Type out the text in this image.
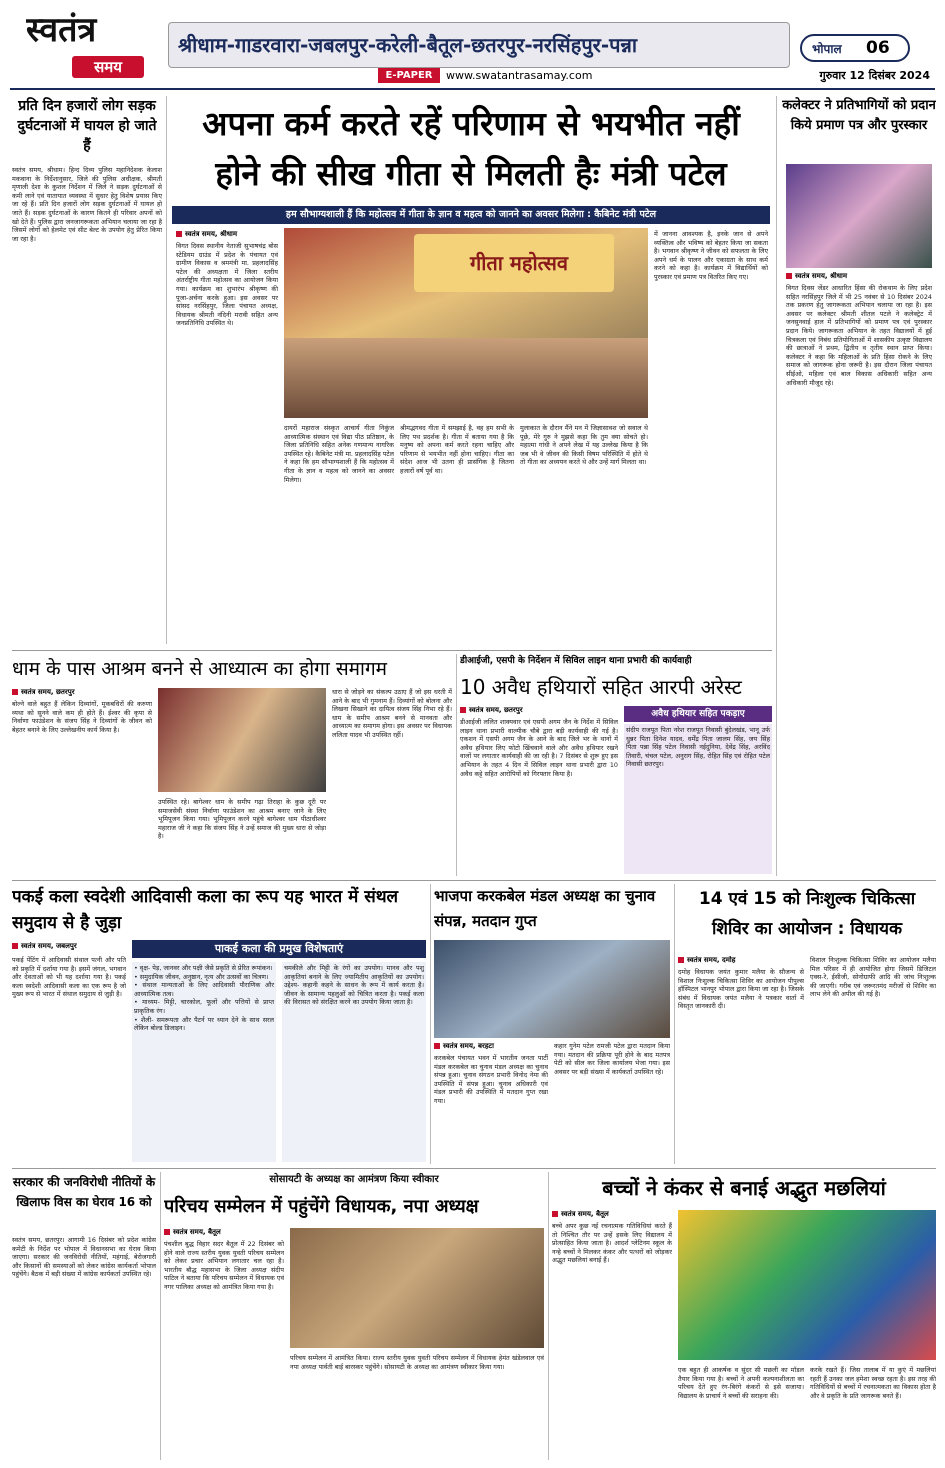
स्वतंत्र
समय
श्रीधाम-गाडरवारा-जबलपुर-करेली-बैतूल-छतरपुर-नरसिंहपुर-पन्ना	भोपाल	06
E-PAPER	www.swatantrasamay.com	गुरुवार 12 दिसंबर 2024
प्रति दिन हजारों लोग सड़क दुर्घटनाओं में घायल हो जाते हैं
स्वतंत्र समय, श्रीधाम। हिन्द दिव्य पुलिस महानिदेशक केलाश मकवाना के निर्देशानुसार, जिले की पुलिस अधीक्षक, श्रीमती मृणाली देशा के कुशल निर्देशन में जिले ने सड़क दुर्घटनाओं से कमी लाने एवं यातायात व्यवस्था में सुधार हेतु विशेष प्रयास किए जा रहे हैं। प्रति दिन हजारों लोग सड़क दुर्घटनाओं में घायल हो जाते हैं। सड़क दुर्घटनाओं के कारण कितने ही परिवार अपनों को खो देते हैं। पुलिस द्वारा जनजागरूकता अभियान चलाया जा रहा है जिसमें लोगों को हेलमेट एवं सीट बेल्ट के उपयोग हेतु प्रेरित किया जा रहा है।
अपना कर्म करते रहें परिणाम से भयभीत नहीं
होने की सीख गीता से मिलती हैः मंत्री पटेल
हम सौभाग्यशाली हैं कि महोत्सव में गीता के ज्ञान व महत्व को जानने का अवसर मिलेगा : कैबिनेट मंत्री पटेल
स्वतंत्र समय, श्रीधाम
विगत दिवस स्थानीय नेताजी सुभाषचंद्र बोस स्टेडियम ग्राउंड में प्रदेश के पंचायत एवं ग्रामीण विकास व श्रममंत्री मा. प्रहलादसिंह पटेल की अध्यक्षता में जिला स्तरीय अंतर्राष्ट्रीय गीता महोत्सव का आयोजन किया गया। कार्यक्रम का शुभारंभ श्रीकृष्ण की पूजा-अर्चना करके हुआ। इस अवसर पर सांसद नरसिंहपुर, जिला पंचायत अध्यक्ष, विधायक श्रीमती नंदिनी मरावी सहित अन्य जनप्रतिनिधि उपस्थित थे।
गीता महोत्सव
दायरों महाराज संस्कृत आचार्य गीता निकुंज आध्यात्मिक संस्थान एवं विद्या पीठ प्रतिष्ठान, के जिला प्रतिनिधि सहित अनेक गणमान्य नागरिक उपस्थित रहे। कैबिनेट मंत्री मा. प्रहलादसिंह पटेल ने कहा कि हम सौभाग्यशाली हैं कि महोत्सव में गीता के ज्ञान व महत्व को जानने का अवसर मिलेगा।
श्रीमद्भगवद गीता में समझाई है, वह हम सभी के लिए पथ प्रदर्शक है। गीता में बताया गया है कि मनुष्य को अपना कर्म करते रहना चाहिए और परिणाम से भयभीत नहीं होना चाहिए। गीता का संदेश आज भी उतना ही प्रासंगिक है जितना हजारों वर्ष पूर्व था।
मुलाकात के दौरान मैंने मन में जिज्ञासावश जो सवाल थे पूछे, मेरे गुरु ने मुझसे कहा कि तुम क्या सोचते हो। महात्मा गांधी ने अपने लेख में यह उल्लेख किया है कि जब भी वे जीवन की किसी विषम परिस्थिति में होते थे तो गीता का अध्ययन करते थे और उन्हें मार्ग मिलता था।
में जानना आवश्यक है, इनके जान से अपने व्यक्तित्व और भविष्य को बेहतर किया जा सकता है। भगवान श्रीकृष्ण ने जीवन को सफलता के लिए अपने धर्म के पालन और एकाग्रता के साथ कर्म करने को कहा है। कार्यक्रम में विद्यार्थियों को पुरस्कार एवं प्रमाण पत्र वितरित किए गए।
कलेक्टर ने प्रतिभागियों को प्रदान किये प्रमाण पत्र और पुरस्कार
स्वतंत्र समय, श्रीधाम
विगत दिवस जेंडर आधारित हिंसा की रोकथाम के लिए प्रदेश सहित नरसिंहपुर जिले में भी 25 नवंबर से 10 दिसंबर 2024 तक प्रकरण हेतु जागरूकता अभियान चलाया जा रहा है। इस अवसर पर कलेक्टर श्रीमती शीतल पटले ने कलेक्ट्रेट में जनसुनवाई हाल में प्रतिभागियों को प्रमाण पत्र एवं पुरस्कार प्रदान किये। जागरूकता अभियान के तहत विद्यालयों में हुई चित्रकला एवं निबंध प्रतियोगिताओं में शासकीय उत्कृष्ट विद्यालय की छात्राओं ने प्रथम, द्वितीय व तृतीय स्थान प्राप्त किया। कलेक्टर ने कहा कि महिलाओं के प्रति हिंसा रोकने के लिए समाज को जागरूक होना जरूरी है। इस दौरान जिला पंचायत सीईओ, महिला एवं बाल विकास अधिकारी सहित अन्य अधिकारी मौजूद रहे।
धाम के पास आश्रम बनने से आध्यात्म का होगा समागम
स्वतंत्र समय, छतरपुर
बोल्ने वाले बहुत हैं लेकिन दिव्यांगों, मूकबधिरों की करुणा व्यथा को सुनने वाले कम ही होते हैं। ईश्वर की कृपा से निर्वाणा फाउंडेशन के संजय सिंह ने दिव्यांगों के जीवन को बेहतर बनाने के लिए उल्लेखनीय कार्य किया है।
उपस्थित रहे। बागेश्वर धाम के समीप गढ़ा तिराहा के कुछ दूरी पर समाजसेवी संस्था निर्वाणा फाउंडेशन का आश्रम बनाए जाने के लिए भूमिपूजन किया गया। भूमिपूजन करने पहुंचे बागेश्वर धाम पीठाधीश्वर महाराज जी ने कहा कि संजय सिंह ने उन्हें समाज की मुख्य धारा से जोड़ा है।
धारा से जोड़ने का संकल्प उठाए हैं जो इस धरती में आने के बाद भी गुमनाम हैं। दिव्यांगों को बोलना और लिखना सिखाने का दायित्व संजय सिंह निभा रहे हैं। धाम के समीप आश्रम बनने से मानवता और आध्यात्म का समागम होगा। इस अवसर पर विधायक ललिता यादव भी उपस्थित रहीं।
डीआईजी, एसपी के निर्देशन में सिविल लाइन थाना प्रभारी की कार्यवाही
10 अवैध हथियारों सहित आरपी अरेस्ट
स्वतंत्र समय, छतरपुर
डीआईजी ललित शाक्यवार एवं एसपी अगम जैन के निर्देश में सिविल लाइन थाना प्रभारी वाल्मीक चौबे द्वारा बड़ी कार्यवाही की गई है। एकशन में एसपी अगम जैन के आने के बाद जिले भर के थानों में अवैध हथियार लिए फोटो खिंचवाने वाले और अवैध हथियार रखने वालों पर लगातार कार्यवाही की जा रही है। 7 दिसंबर से शुरू हुए इस अभियान के तहत 4 दिन में सिविल लाइन थाना प्रभारी द्वारा 10 अवैध कट्टे सहित आरोपियों को गिरफ्तार किया है।
अवैध हथियार सहित पकड़ाए
संदीप राजपूत पिता नरेश राजपूत निवासी बुंदेलखंड, भानू उर्फ धुन्नर पिता दिनेश यादव, धर्मेंद्र पिता जालम सिंह, जय सिंह पिता पन्ना सिंह पटेल निवासी नईदुनिया, देवेंद्र सिंह, अरविंद तिवारी, चंचल पटेल, अनुराग सिंह, रोहित सिंह एवं रोहित पटेल निवासी छतरपुर।
पकई कला स्वदेशी आदिवासी कला का रूप यह भारत में संथल समुदाय से है जुड़ा
स्वतंत्र समय, जबलपुर	पाकई कला की प्रमुख विशेषताएं
पकई पेंटिंग में आदिवासी संथाल पत्नी और पति को प्रकृति में दर्शाया गया है। इसमें जंगल, भगवान और देवताओं को भी यह दर्शाया गया है। पकई कला स्वदेशी आदिवासी कला का एक रूप है जो मुख्य रूप से भारत में संथाल समुदाय से जुड़ी है।

• वृक्ष- पेड़, जानवर और पक्षी जैसे प्रकृति से प्रेरित रूपांकन।

• समुदायिक जीवन, अनुष्ठान, नृत्य और उत्सवों का चित्रण।

• संथाल मान्यताओं के लिए आदिवासी पौराणिक और आध्यात्मिक तत्व।

• माध्यम- मिट्टी, चारकोल, फूलों और पत्तियों से प्राप्त प्राकृतिक रंग।

• शैली- समरूपता और पैटर्न पर ध्यान देने के साथ सरल लेकिन बोल्ड डिजाइन।

चमकीले और मिट्टी के रंगों का उपयोग। मानव और पशु आकृतियां बनाने के लिए ज्यामितीय आकृतियों का उपयोग। उद्देश्य- कहानी कहने के साधन के रूप में कार्य करता है। जीवन के सामान्य पहलुओं को चित्रित करता है। पकई कला की विरासत को संरक्षित करने का उपयोग किया जाता है।
भाजपा करकबेल मंडल अध्यक्ष का चुनाव संपन्न, मतदान गुप्त
स्वतंत्र समय, बरहटा
करकबेल पंचायत भवन में भारतीय जनता पार्टी मंडल करकबेल का चुनाव मंडल अध्यक्ष का चुनाव संपन्न हुआ। चुनाव संगठन प्रभारी विनोद नेमा की उपस्थिति में संपन्न हुआ। चुनाव अधिकारी एवं मंडल प्रभारी की उपस्थिति में मतदान गुप्त रखा गया।
कहार गुनेम पटेल रामजी पटेल द्वारा मतदान किया गया। मतदान की प्रक्रिया पूरी होने के बाद मतपत्र पेटी को सील कर जिला कार्यालय भेजा गया। इस अवसर पर बड़ी संख्या में कार्यकर्ता उपस्थित रहे।
14 एवं 15 को निःशुल्क चिकित्सा शिविर का आयोजन : विधायक
स्वतंत्र समय, दमोह
दमोह विधायक जयंत कुमार मलैया के सौजन्य से विशाल निःशुल्क चिकित्सा शिविर का आयोजन पीपुल्स हॉस्पिटल भानपुर भोपाल द्वारा किया जा रहा है। जिसके संबंध में विधायक जयंत मलैया ने पत्रकार वार्ता में विस्तृत जानकारी दी।
विशाल निःशुल्क चिकित्सा शिविर का आयोजन मलैया मिल परिसर में ही आयोजित होगा जिसमें डिजिटल एक्स-रे, ईसीजी, सोनोग्राफी आदि की जांच निःशुल्क की जाएगी। गरीब एवं जरूरतमंद मरीजों से शिविर का लाभ लेने की अपील की गई है।
सरकार की जनविरोधी नीतियों के खिलाफ विस का घेराव 16 को
स्वतंत्र समय, छतरपुर। आगामी 16 दिसंबर को प्रदेश कांग्रेस कमेटी के निर्देश पर भोपाल में विधानसभा का घेराव किया जाएगा। सरकार की जनविरोधी नीतियों, महंगाई, बेरोजगारी और किसानों की समस्याओं को लेकर कांग्रेस कार्यकर्ता भोपाल पहुंचेंगे। बैठक में बड़ी संख्या में कांग्रेस कार्यकर्ता उपस्थित रहे।
सोसायटी के अध्यक्ष का आमंत्रण किया स्वीकार
परिचय सम्मेलन में पहुंचेंगे विधायक, नपा अध्यक्ष
स्वतंत्र समय, बैतूल
पंचशील बुद्ध विहार सदर बैतूल में 22 दिसंबर को होने वाले राज्य स्तरीय युवक युवती परिचय सम्मेलन को लेकर प्रचार अभियान लगातार चल रहा है। भारतीय बौद्ध महासभा के जिला अध्यक्ष संदीप पाटिल ने बताया कि परिचय सम्मेलन में विधायक एवं नगर पालिका अध्यक्ष को आमंत्रित किया गया है।
परिचय सम्मेलन में आमंत्रित किया। राज्य स्तरीय युवक युवती परिचय सम्मेलन में विधायक हेमंत खंडेलवाल एवं नपा अध्यक्ष पार्वती बाई बारस्कर पहुंचेंगे। सोसायटी के अध्यक्ष का आमंत्रण स्वीकार किया गया।
बच्चों ने कंकर से बनाई अद्भुत मछलियां
स्वतंत्र समय, बैतूल
बच्चे अपर कुछ नई रचनात्मक गतिविधियां करते हैं तो निश्चित तौर पर उन्हें इसके लिए विद्यालय में प्रोत्साहित किया जाता है। आदर्श प्लेटिनम स्कूल के नन्हे बच्चों ने मिलकर कंकर और पत्थरों को जोड़कर अद्भुत मछलियां बनाई हैं।
एक बहुत ही आकर्षक व सुंदर सी मछली का मॉडल तैयार किया गया है। बच्चों ने अपनी कल्पनाशीलता का परिचय देते हुए रंग-बिरंगे कंकरों से इसे सजाया। विद्यालय के प्राचार्य ने बच्चों की सराहना की।
करके रखते हैं। जिस तालाब में या कुएं में मछलियां रहती हैं उनका जल हमेशा स्वच्छ रहता है। इस तरह की गतिविधियों से बच्चों में रचनात्मकता का विकास होता है और वे प्रकृति के प्रति जागरूक बनते हैं।
